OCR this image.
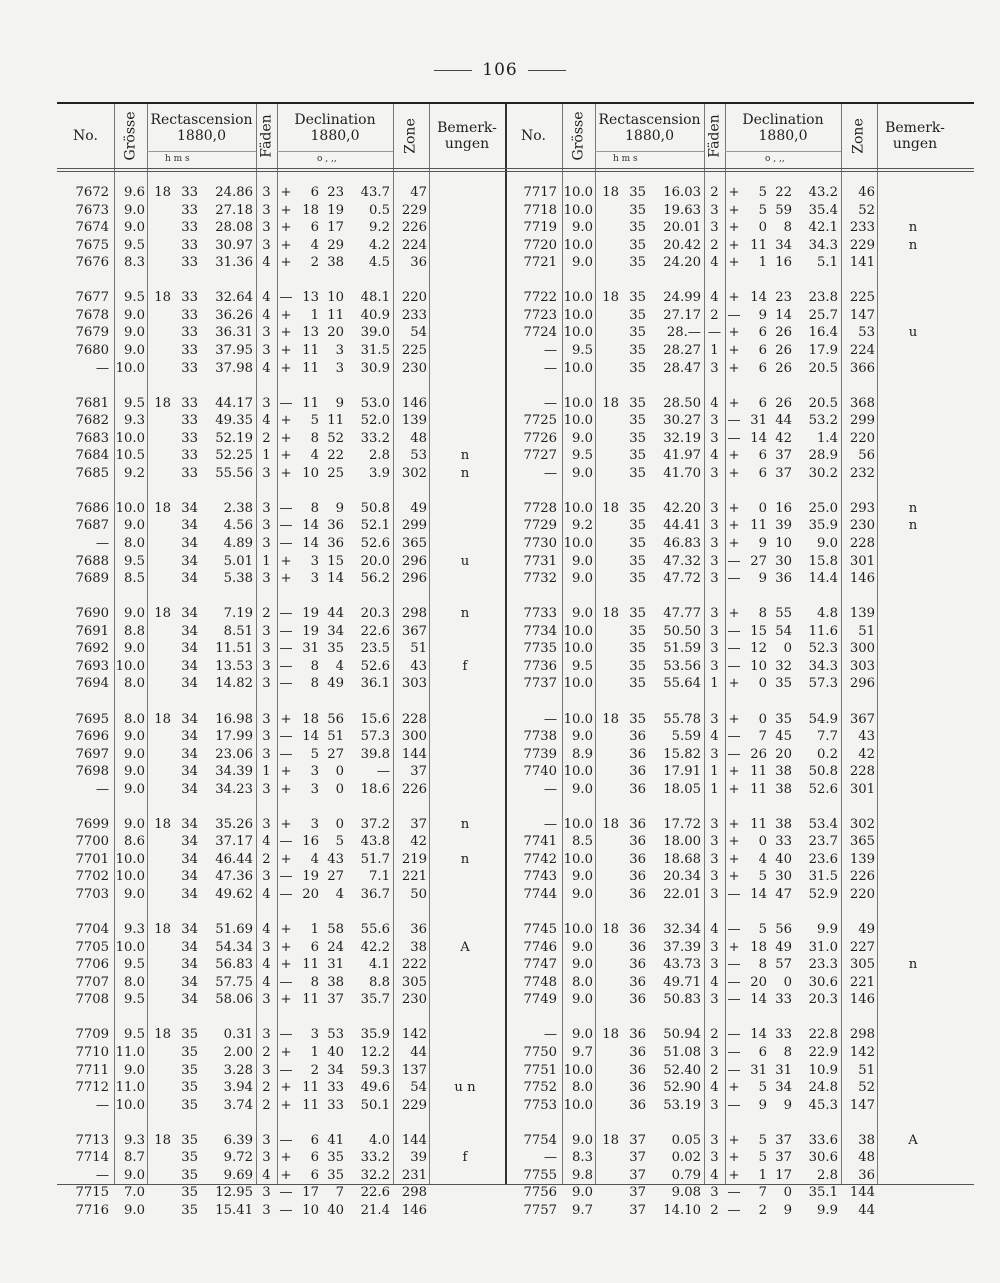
106
No. Grösse Rectascension
1880,0
h m s
Fäden Declination
1880,0
o , ,,
Zone Bemerk-
ungen
7672	9.6 18 33	24.86 3 +	6 23	43.7	47
7673	9.0	33	27.18 3 + 18 19	0.5 229
7674	9.0	33	28.08 3 +	6 17	9.2 226
7675	9.5	33	30.97 3 +	4 29	4.2 224
7676	8.3	33	31.36 4 +	2 38	4.5	36
7677	9.5 18 33	32.64 4 — 13 10	48.1 220
7678	9.0	33	36.26 4 +	1 11	40.9 233
7679	9.0	33	36.31 3 + 13 20	39.0	54
7680	9.0	33	37.95 3 + 11	3	31.5 225
— 10.0	33	37.98 4 + 11	3	30.9 230
7681	9.5 18 33	44.17 3 — 11	9	53.0 146
7682	9.3	33	49.35 4 +	5 11	52.0 139
7683 10.0	33	52.19 2 +	8 52	33.2	48
7684 10.5	33	52.25 1 +	4 22	2.8	53	n
7685	9.2	33	55.56 3 + 10 25	3.9 302	n
7686 10.0 18 34	2.38 3 —	8	9	50.8	49
7687	9.0	34	4.56 3 — 14 36	52.1 299
—	8.0	34	4.89 3 — 14 36	52.6 365
7688	9.5	34	5.01 1 +	3 15	20.0 296	u
7689	8.5	34	5.38 3 +	3 14	56.2 296
7690	9.0 18 34	7.19 2 — 19 44	20.3 298	n
7691	8.8	34	8.51 3 — 19 34	22.6 367
7692	9.0	34	11.51 3 — 31 35	23.5	51
7693 10.0	34	13.53 3 —	8	4	52.6	43	f
7694	8.0	34	14.82 3 —	8 49	36.1 303
7695	8.0 18 34	16.98 3 + 18 56	15.6 228
7696	9.0	34	17.99 3 — 14 51	57.3 300
7697	9.0	34	23.06 3 —	5 27	39.8 144
7698	9.0	34	34.39 1 +	3	0	—	37
—	9.0	34	34.23 3 +	3	0	18.6 226
7699	9.0 18 34	35.26 3 +	3	0	37.2	37	n
7700	8.6	34	37.17 4 — 16	5	43.8	42
7701 10.0	34	46.44 2 +	4 43	51.7 219	n
7702 10.0	34	47.36 3 — 19 27	7.1 221
7703	9.0	34	49.62 4 — 20	4	36.7	50
7704	9.3 18 34	51.69 4 +	1 58	55.6	36
7705 10.0	34	54.34 3 +	6 24	42.2	38	A
7706	9.5	34	56.83 4 + 11 31	4.1 222
7707	8.0	34	57.75 4 —	8 38	8.8 305
7708	9.5	34	58.06 3 + 11 37	35.7 230
7709	9.5 18 35	0.31 3 —	3 53	35.9 142
7710 11.0	35	2.00 2 +	1 40	12.2	44
7711	9.0	35	3.28 3 —	2 34	59.3 137
7712 11.0	35	3.94 2 + 11 33	49.6	54	u n
— 10.0	35	3.74 2 + 11 33	50.1 229
7713	9.3 18 35	6.39 3 —	6 41	4.0 144
7714	8.7	35	9.72 3 +	6 35	33.2	39	f
—	9.0	35	9.69 4 +	6 35	32.2 231
7715	7.0	35	12.95 3 — 17	7	22.6 298
7716	9.0	35	15.41 3 — 10 40	21.4 146
No. Grösse Rectascension
1880,0
h m s
Fäden Declination
1880,0
o , ,,
Zone Bemerk-
ungen
7717 10.0 18 35	16.03 2 +	5 22	43.2	46
7718 10.0	35	19.63 3 +	5 59	35.4	52
7719	9.0	35	20.01 3 +	0	8	42.1 233	n
7720 10.0	35	20.42 2 + 11 34	34.3 229	n
7721	9.0	35	24.20 4 +	1 16	5.1 141
7722 10.0 18 35	24.99 4 + 14 23	23.8 225
7723 10.0	35	27.17 2 —	9 14	25.7 147
7724 10.0	35	28.— — +	6 26	16.4	53	u
—	9.5	35	28.27 1 +	6 26	17.9 224
— 10.0	35	28.47 3 +	6 26	20.5 366
— 10.0 18 35	28.50 4 +	6 26	20.5 368
7725 10.0	35	30.27 3 — 31 44	53.2 299
7726	9.0	35	32.19 3 — 14 42	1.4 220
7727	9.5	35	41.97 4 +	6 37	28.9	56
—	9.0	35	41.70 3 +	6 37	30.2 232
7728 10.0 18 35	42.20 3 +	0 16	25.0 293	n
7729	9.2	35	44.41 3 + 11 39	35.9 230	n
7730 10.0	35	46.83 3 +	9 10	9.0 228
7731	9.0	35	47.32 3 — 27 30	15.8 301
7732	9.0	35	47.72 3 —	9 36	14.4 146
7733	9.0 18 35	47.77 3 +	8 55	4.8 139
7734 10.0	35	50.50 3 — 15 54	11.6	51
7735 10.0	35	51.59 3 — 12	0	52.3 300
7736	9.5	35	53.56 3 — 10 32	34.3 303
7737 10.0	35	55.64 1 +	0 35	57.3 296
— 10.0 18 35	55.78 3 +	0 35	54.9 367
7738	9.0	36	5.59 4 —	7 45	7.7	43
7739	8.9	36	15.82 3 — 26 20	0.2	42
7740 10.0	36	17.91 1 + 11 38	50.8 228
—	9.0	36	18.05 1 + 11 38	52.6 301
— 10.0 18 36	17.72 3 + 11 38	53.4 302
7741	8.5	36	18.00 3 +	0 33	23.7 365
7742 10.0	36	18.68 3 +	4 40	23.6 139
7743	9.0	36	20.34 3 +	5 30	31.5 226
7744	9.0	36	22.01 3 — 14 47	52.9 220
7745 10.0 18 36	32.34 4 —	5 56	9.9	49
7746	9.0	36	37.39 3 + 18 49	31.0 227
7747	9.0	36	43.73 3 —	8 57	23.3 305	n
7748	8.0	36	49.71 4 — 20	0	30.6 221
7749	9.0	36	50.83 3 — 14 33	20.3 146
—	9.0 18 36	50.94 2 — 14 33	22.8 298
7750	9.7	36	51.08 3 —	6	8	22.9 142
7751 10.0	36	52.40 2 — 31 31	10.9	51
7752	8.0	36	52.90 4 +	5 34	24.8	52
7753 10.0	36	53.19 3 —	9	9	45.3 147
7754	9.0 18 37	0.05 3 +	5 37	33.6	38	A
—	8.3	37	0.02 3 +	5 37	30.6	48
7755	9.8	37	0.79 4 +	1 17	2.8	36
7756	9.0	37	9.08 3 —	7	0	35.1 144
7757	9.7	37	14.10 2 —	2	9	9.9	44
